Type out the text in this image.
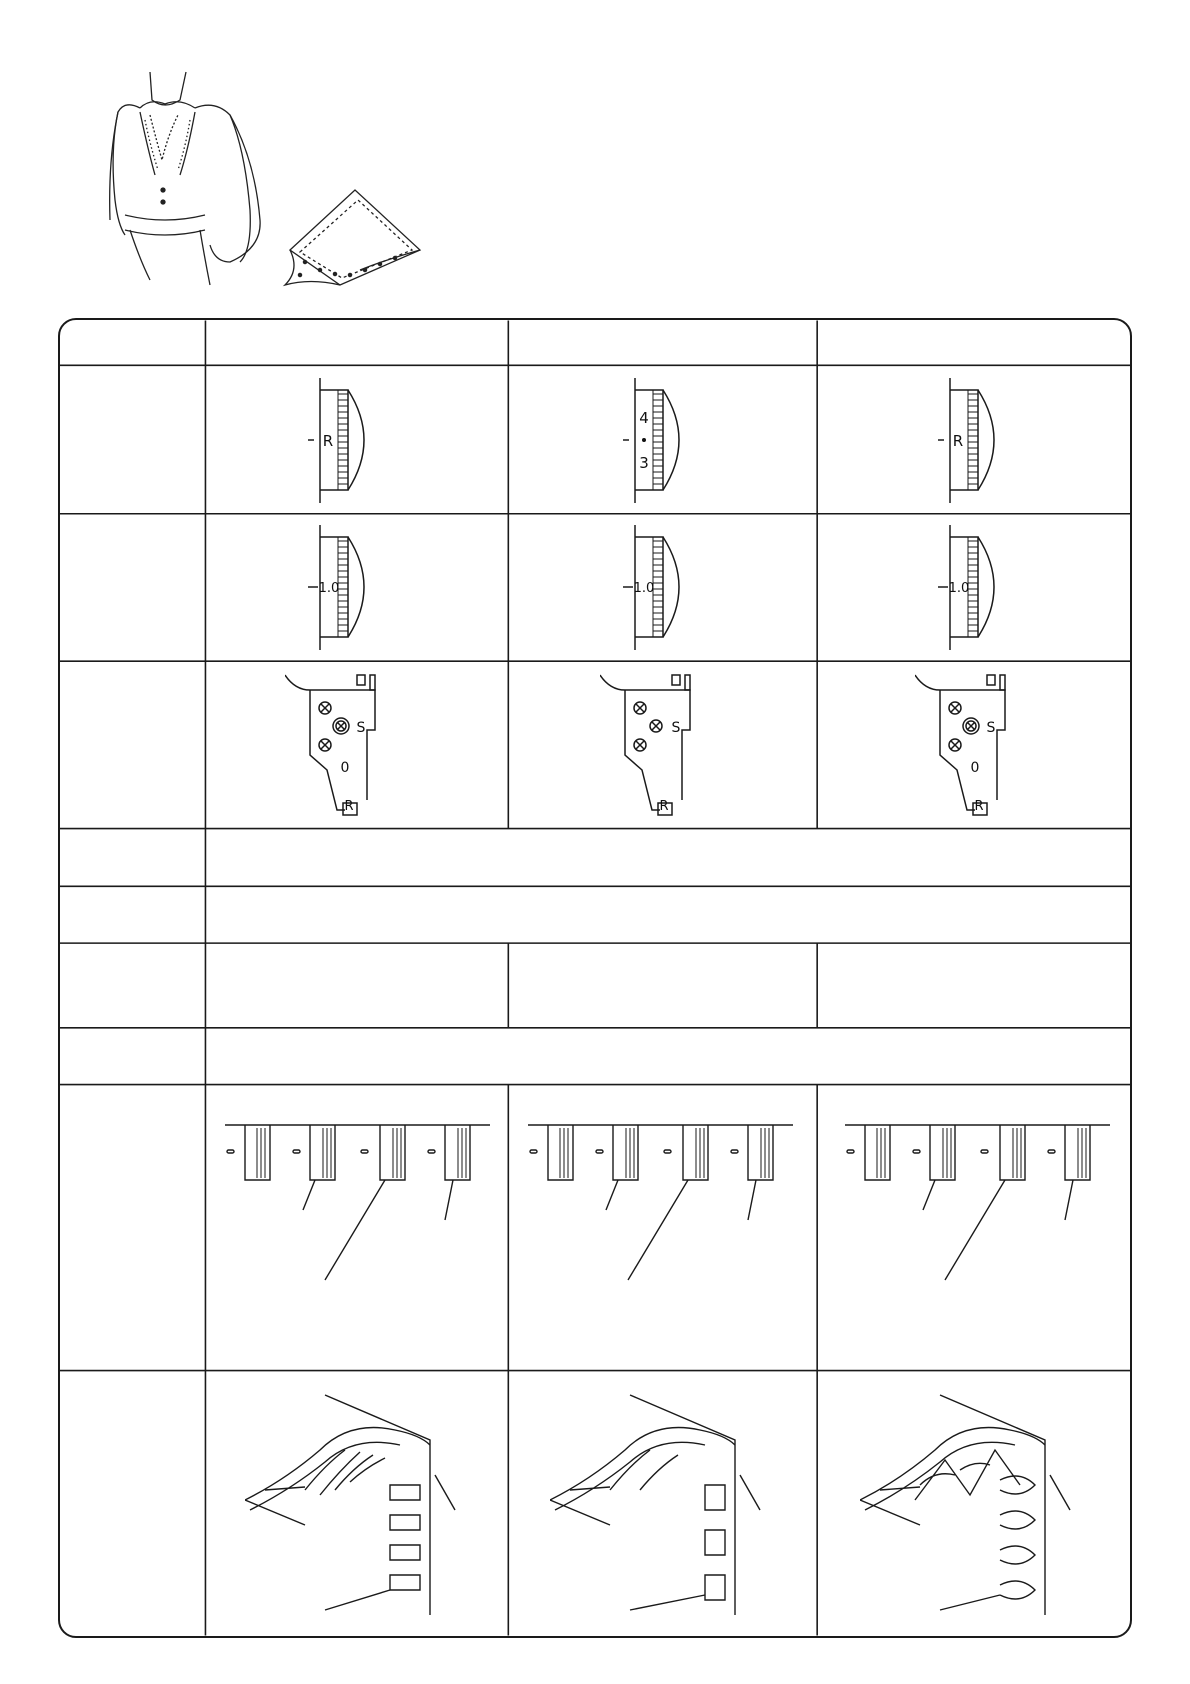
R
4
3
R
1.0	1.0	1.0
S
0
R
S
R
S
0
R
